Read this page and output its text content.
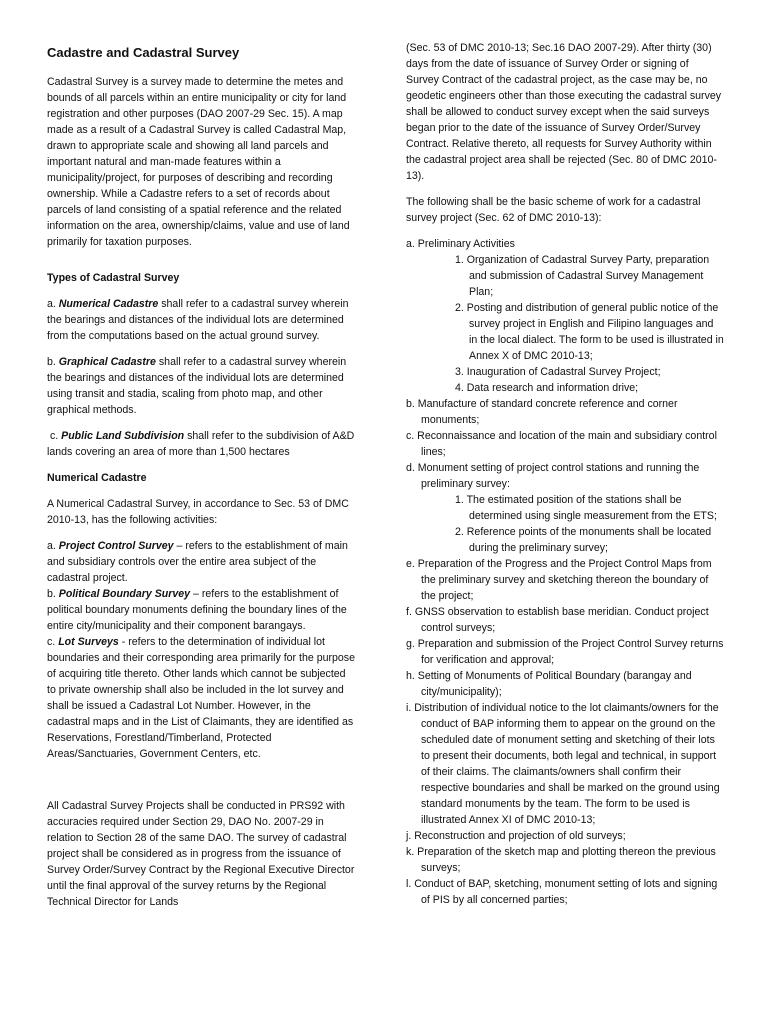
Cadastre and Cadastral Survey

Cadastral Survey is a survey made to determine the metes and bounds of all parcels within an entire municipality or city for land registration and other purposes (DAO 2007-29 Sec. 15). A map made as a result of a Cadastral Survey is called Cadastral Map, drawn to appropriate scale and showing all land parcels and important natural and man-made features within a municipality/project, for purposes of describing and recording ownership. While a Cadastre refers to a set of records about parcels of land consisting of a spatial reference and the related information on the area, ownership/claims, value and use of land primarily for taxation purposes.

Types of Cadastral Survey

a. Numerical Cadastre shall refer to a cadastral survey wherein the bearings and distances of the individual lots are determined from the computations based on the actual ground survey.

b. Graphical Cadastre shall refer to a cadastral survey wherein the bearings and distances of the individual lots are determined using transit and stadia, scaling from photo map, and other graphical methods.

c. Public Land Subdivision shall refer to the subdivision of A&D lands covering an area of more than 1,500 hectares

Numerical Cadastre

A Numerical Cadastral Survey, in accordance to Sec. 53 of DMC 2010-13, has the following activities:

a. Project Control Survey – refers to the establishment of main and subsidiary controls over the entire area subject of the cadastral project.

b. Political Boundary Survey – refers to the establishment of political boundary monuments defining the boundary lines of the entire city/municipality and their component barangays.

c. Lot Surveys - refers to the determination of individual lot boundaries and their corresponding area primarily for the purpose of acquiring title thereto. Other lands which cannot be subjected to private ownership shall also be included in the lot survey and shall be issued a Cadastral Lot Number. However, in the cadastral maps and in the List of Claimants, they are identified as Reservations, Forestland/Timberland, Protected Areas/Sanctuaries, Government Centers, etc.

All Cadastral Survey Projects shall be conducted in PRS92 with accuracies required under Section 29, DAO No. 2007-29 in relation to Section 28 of the same DAO. The survey of cadastral project shall be considered as in progress from the issuance of Survey Order/Survey Contract by the Regional Executive Director until the final approval of the survey returns by the Regional Technical Director for Lands

(Sec. 53 of DMC 2010-13; Sec.16 DAO 2007-29). After thirty (30) days from the date of issuance of Survey Order or signing of Survey Contract of the cadastral project, as the case may be, no geodetic engineers other than those executing the cadastral survey shall be allowed to conduct survey except when the said surveys began prior to the date of the issuance of Survey Order/Survey Contract. Relative thereto, all requests for Survey Authority within the cadastral project area shall be rejected (Sec. 80 of DMC 2010-13).

The following shall be the basic scheme of work for a cadastral survey project (Sec. 62 of DMC 2010-13):

a. Preliminary Activities

1. Organization of Cadastral Survey Party, preparation and submission of Cadastral Survey Management Plan;

2. Posting and distribution of general public notice of the survey project in English and Filipino languages and in the local dialect. The form to be used is illustrated in Annex X of DMC 2010-13;

3. Inauguration of Cadastral Survey Project;

4. Data research and information drive;

b. Manufacture of standard concrete reference and corner monuments;

c. Reconnaissance and location of the main and subsidiary control lines;

d. Monument setting of project control stations and running the preliminary survey:

1. The estimated position of the stations shall be determined using single measurement from the ETS;

2. Reference points of the monuments shall be located during the preliminary survey;

e. Preparation of the Progress and the Project Control Maps from the preliminary survey and sketching thereon the boundary of the project;

f. GNSS observation to establish base meridian. Conduct project control surveys;

g. Preparation and submission of the Project Control Survey returns for verification and approval;

h. Setting of Monuments of Political Boundary (barangay and city/municipality);

i. Distribution of individual notice to the lot claimants/owners for the conduct of BAP informing them to appear on the ground on the scheduled date of monument setting and sketching of their lots to present their documents, both legal and technical, in support of their claims. The claimants/owners shall confirm their respective boundaries and shall be marked on the ground using standard monuments by the team. The form to be used is illustrated Annex XI of DMC 2010-13;

j. Reconstruction and projection of old surveys;

k. Preparation of the sketch map and plotting thereon the previous surveys;

l. Conduct of BAP, sketching, monument setting of lots and signing of PIS by all concerned parties;
